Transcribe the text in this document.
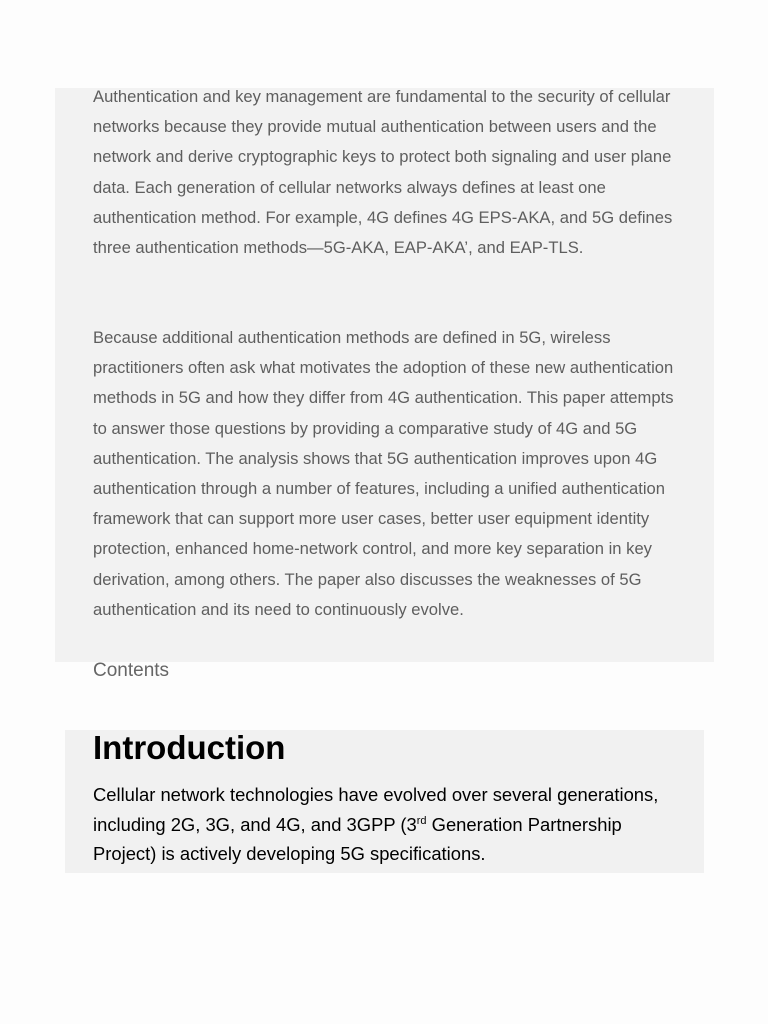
Authentication and key management are fundamental to the security of cellular networks because they provide mutual authentication between users and the network and derive cryptographic keys to protect both signaling and user plane data. Each generation of cellular networks always defines at least one authentication method. For example, 4G defines 4G EPS-AKA, and 5G defines three authentication methods—5G-AKA, EAP-AKA’, and EAP-TLS.

Because additional authentication methods are defined in 5G, wireless practitioners often ask what motivates the adoption of these new authentication methods in 5G and how they differ from 4G authentication. This paper attempts to answer those questions by providing a comparative study of 4G and 5G authentication. The analysis shows that 5G authentication improves upon 4G authentication through a number of features, including a unified authentication framework that can support more user cases, better user equipment identity protection, enhanced home-network control, and more key separation in key derivation, among others. The paper also discusses the weaknesses of 5G authentication and its need to continuously evolve.

Contents
Introduction

Cellular network technologies have evolved over several generations, including 2G, 3G, and 4G, and 3GPP (3rd Generation Partnership Project) is actively developing 5G specifications.
